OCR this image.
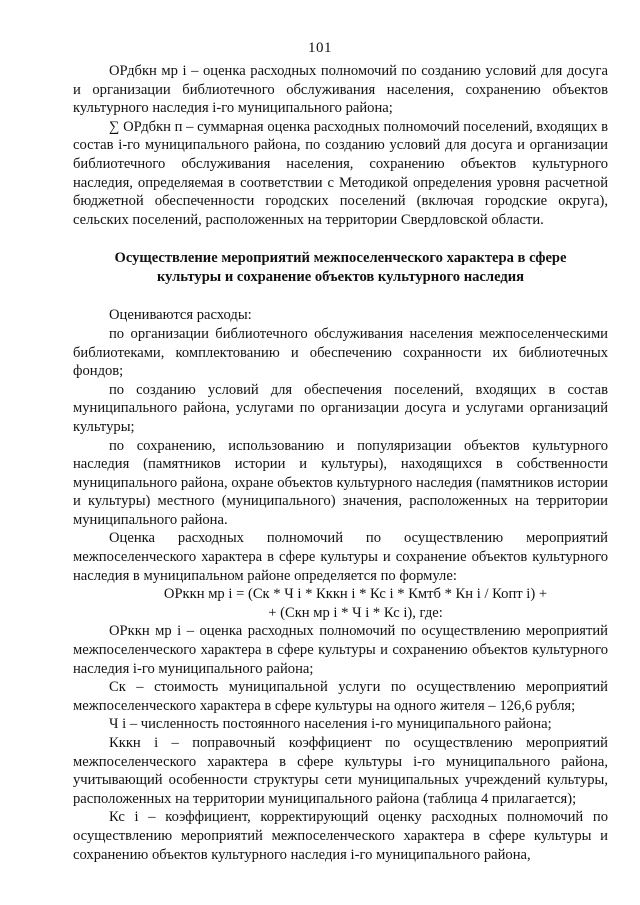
101

ОРдбкн мр i – оценка расходных полномочий по созданию условий для досуга и организации библиотечного обслуживания населения, сохранению объектов культурного наследия i-го муниципального района;

∑ ОРдбкн п – суммарная оценка расходных полномочий поселений, входящих в состав i-го муниципального района, по созданию условий для досуга и организации библиотечного обслуживания населения, сохранению объектов культурного наследия, определяемая в соответствии с Методикой определения уровня расчетной бюджетной обеспеченности городских поселений (включая городские округа), сельских поселений, расположенных на территории Свердловской области.

Осуществление мероприятий межпоселенческого характера в сфере
культуры и сохранение объектов культурного наследия

Оцениваются расходы:

по организации библиотечного обслуживания населения межпоселенческими библиотеками, комплектованию и обеспечению сохранности их библиотечных фондов;

по созданию условий для обеспечения поселений, входящих в состав муниципального района, услугами по организации досуга и услугами организаций культуры;

по сохранению, использованию и популяризации объектов культурного наследия (памятников истории и культуры), находящихся в собственности муниципального района, охране объектов культурного наследия (памятников истории и культуры) местного (муниципального) значения, расположенных на территории муниципального района.

Оценка расходных полномочий по осуществлению мероприятий межпоселенческого характера в сфере культуры и сохранение объектов культурного наследия в муниципальном районе определяется по формуле:

ОРккн мр i = (Ск * Ч i * Кккн i * Кс i * Кмтб * Кн i / Копт i) +
+ (Скн мр i * Ч i * Кс i), где:

ОРккн мр i – оценка расходных полномочий по осуществлению мероприятий межпоселенческого характера в сфере культуры и сохранению объектов культурного наследия i-го муниципального района;

Ск – стоимость муниципальной услуги по осуществлению мероприятий межпоселенческого характера в сфере культуры на одного жителя – 126,6 рубля;

Ч i – численность постоянного населения i-го муниципального района;

Кккн i – поправочный коэффициент по осуществлению мероприятий межпоселенческого характера в сфере культуры i-го муниципального района, учитывающий особенности структуры сети муниципальных учреждений культуры, расположенных на территории муниципального района (таблица 4 прилагается);

Кс i – коэффициент, корректирующий оценку расходных полномочий по осуществлению мероприятий межпоселенческого характера в сфере культуры и сохранению объектов культурного наследия i-го муниципального района,
